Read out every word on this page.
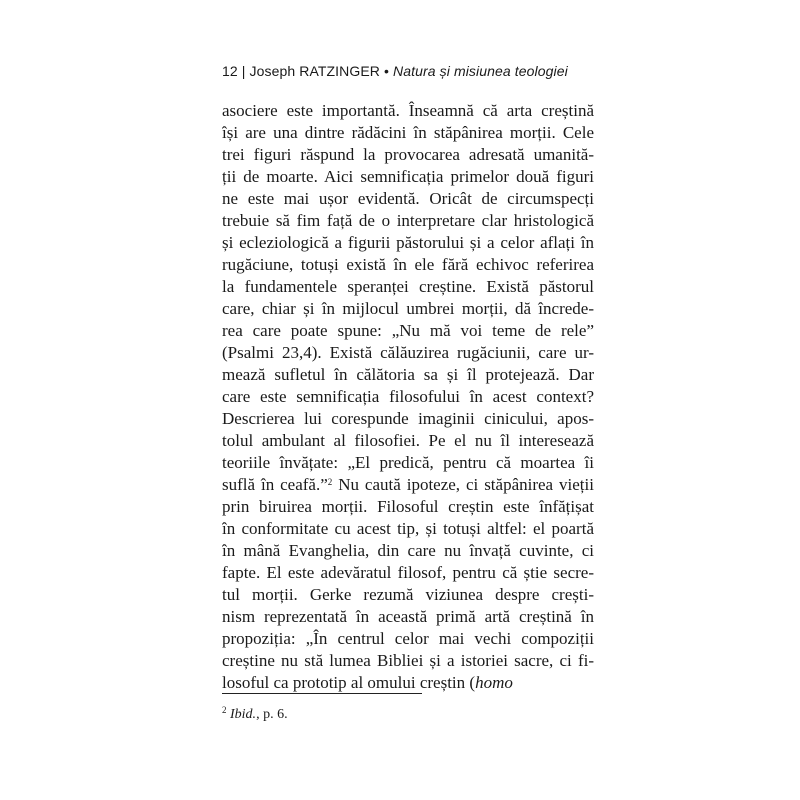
12 | Joseph RATZINGER • Natura și misiunea teologiei
asociere este importantă. Înseamnă că arta creștină
își are una dintre rădăcini în stăpânirea morții. Cele
trei figuri răspund la provocarea adresată umanită-
ții de moarte. Aici semnificația primelor două figuri
ne este mai ușor evidentă. Oricât de circumspecți
trebuie să fim față de o interpretare clar hristologică
și ecleziologică a figurii păstorului și a celor aflați în
rugăciune, totuși există în ele fără echivoc referirea
la fundamentele speranței creștine. Există păstorul
care, chiar și în mijlocul umbrei morții, dă încrede-
rea care poate spune: „Nu mă voi teme de rele”
(Psalmi 23,4). Există călăuzirea rugăciunii, care ur-
mează sufletul în călătoria sa și îl protejează. Dar
care este semnificația filosofului în acest context?
Descrierea lui corespunde imaginii cinicului, apos-
tolul ambulant al filosofiei. Pe el nu îl interesează
teoriile învățate: „El predică, pentru că moartea îi
suflă în ceafă.”$^2$ Nu caută ipoteze, ci stăpânirea vieții
prin biruirea morții. Filosoful creștin este înfățișat
în conformitate cu acest tip, și totuși altfel: el poartă
în mână Evanghelia, din care nu învață cuvinte, ci
fapte. El este adevăratul filosof, pentru că știe secre-
tul morții. Gerke rezumă viziunea despre crești-
nism reprezentată în această primă artă creștină în
propoziția: „În centrul celor mai vechi compoziții
creștine nu stă lumea Bibliei și a istoriei sacre, ci fi-
losoful ca prototip al omului creștin (homo
$^2$ Ibid., p. 6.
